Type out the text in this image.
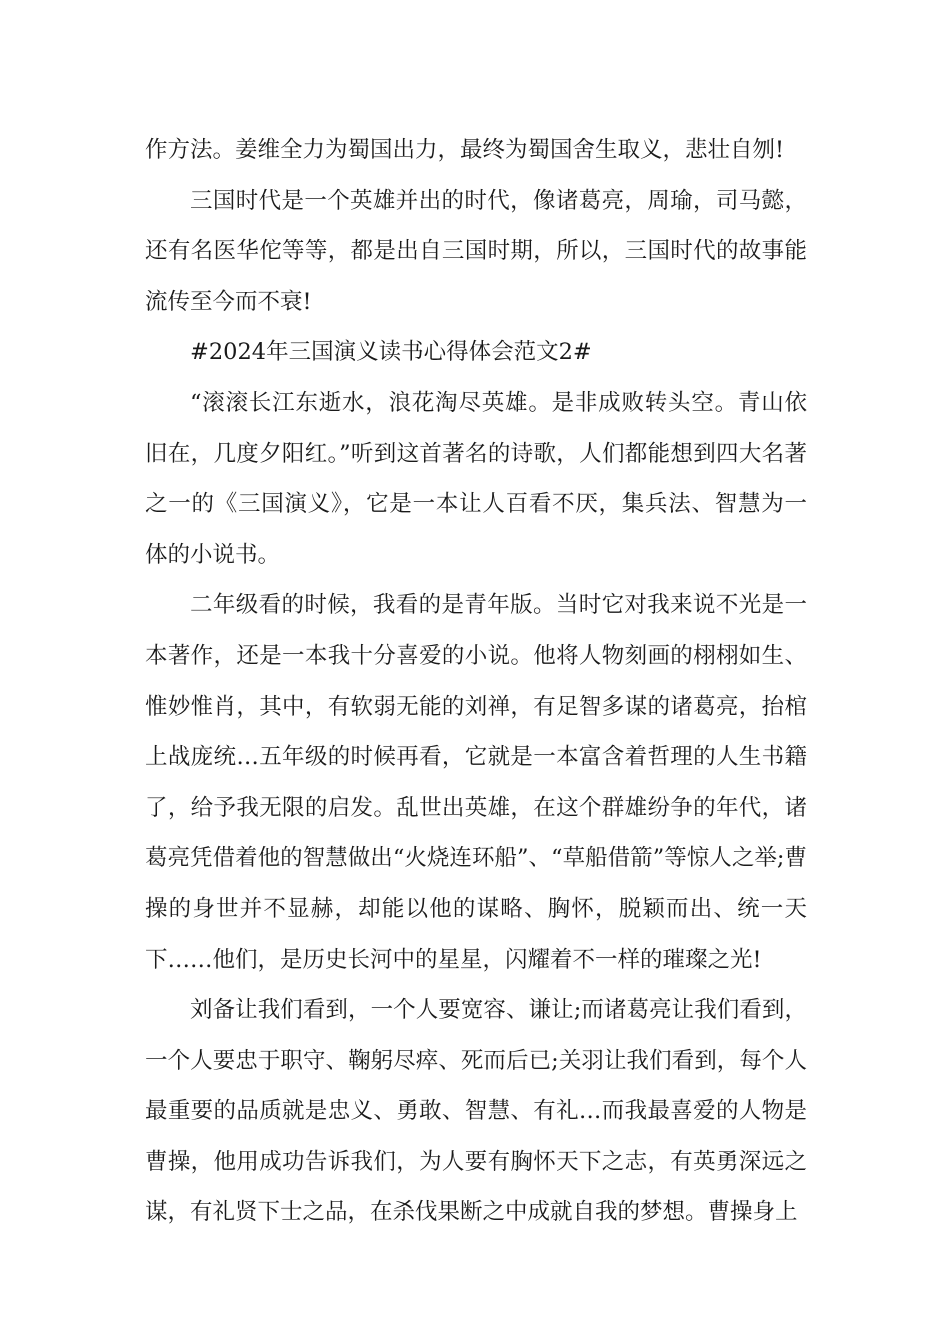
作方法。姜维全力为蜀国出力，最终为蜀国舍生取义，悲壮自刎!

三国时代是一个英雄并出的时代，像诸葛亮，周瑜，司马懿，还有名医华佗等等，都是出自三国时期，所以，三国时代的故事能流传至今而不衰!

#2024年三国演义读书心得体会范文2#

“滚滚长江东逝水，浪花淘尽英雄。是非成败转头空。青山依旧在，几度夕阳红。”听到这首著名的诗歌，人们都能想到四大名著之一的《三国演义》，它是一本让人百看不厌，集兵法、智慧为一体的小说书。

二年级看的时候，我看的是青年版。当时它对我来说不光是一本著作，还是一本我十分喜爱的小说。他将人物刻画的栩栩如生、惟妙惟肖，其中，有软弱无能的刘禅，有足智多谋的诸葛亮，抬棺上战庞统…五年级的时候再看，它就是一本富含着哲理的人生书籍了，给予我无限的启发。乱世出英雄，在这个群雄纷争的年代，诸葛亮凭借着他的智慧做出“火烧连环船”、“草船借箭”等惊人之举;曹操的身世并不显赫，却能以他的谋略、胸怀，脱颖而出、统一天下……他们，是历史长河中的星星，闪耀着不一样的璀璨之光!

刘备让我们看到，一个人要宽容、谦让;而诸葛亮让我们看到，一个人要忠于职守、鞠躬尽瘁、死而后已;关羽让我们看到，每个人最重要的品质就是忠义、勇敢、智慧、有礼…而我最喜爱的人物是曹操，他用成功告诉我们，为人要有胸怀天下之志，有英勇深远之谋，有礼贤下士之品，在杀伐果断之中成就自我的梦想。曹操身上
